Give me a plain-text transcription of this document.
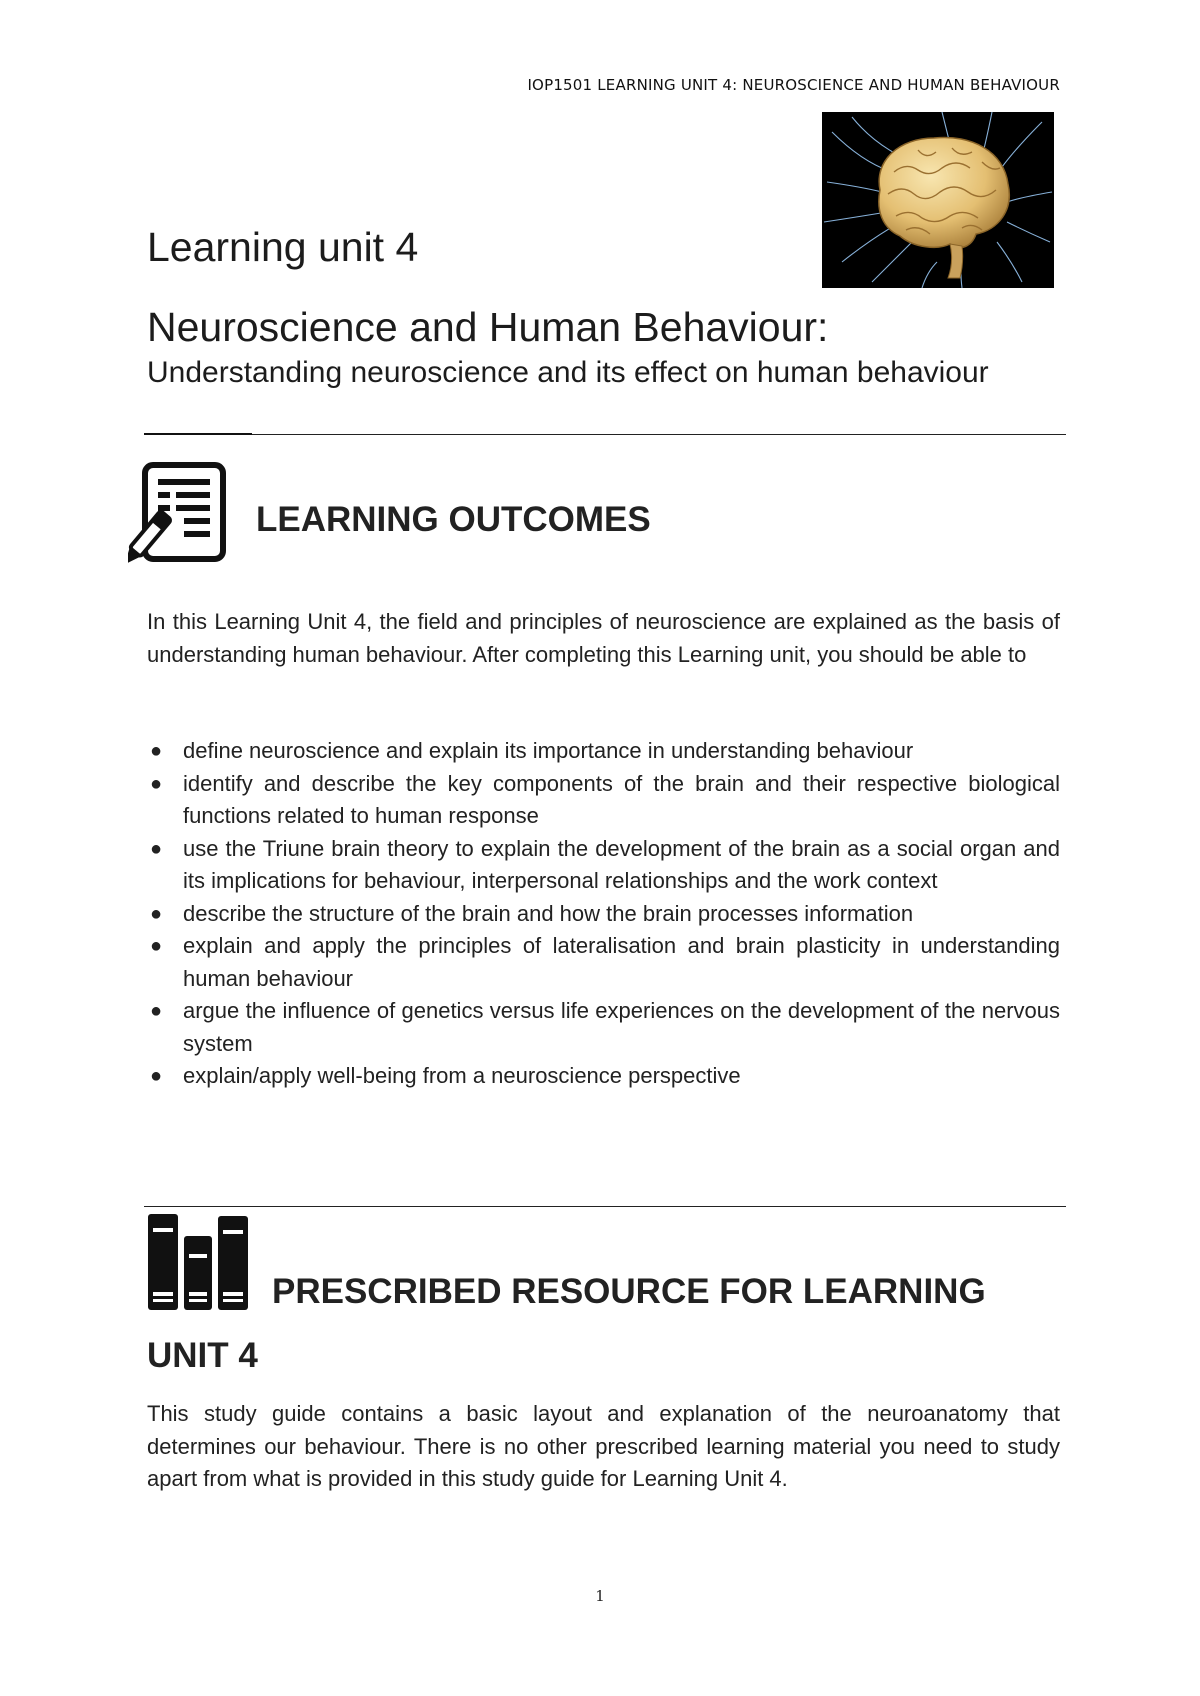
IOP1501 LEARNING UNIT 4: NEUROSCIENCE AND HUMAN BEHAVIOUR
Learning unit 4
Neuroscience and Human Behaviour:
Understanding neuroscience and its effect on human behaviour
LEARNING OUTCOMES
In this Learning Unit 4, the field and principles of neuroscience are explained as the basis of understanding human behaviour. After completing this Learning unit, you should be able to
● define neuroscience and explain its importance in understanding behaviour
● identify and describe the key components of the brain and their respective biological functions related to human response
● use the Triune brain theory to explain the development of the brain as a social organ and its implications for behaviour, interpersonal relationships and the work context
● describe the structure of the brain and how the brain processes information
● explain and apply the principles of lateralisation and brain plasticity in understanding human behaviour
● argue the influence of genetics versus life experiences on the development of the nervous system
● explain/apply well-being from a neuroscience perspective
PRESCRIBED RESOURCE FOR LEARNING
UNIT 4
This study guide contains a basic layout and explanation of the neuroanatomy that determines our behaviour. There is no other prescribed learning material you need to study apart from what is provided in this study guide for Learning Unit 4.
1
